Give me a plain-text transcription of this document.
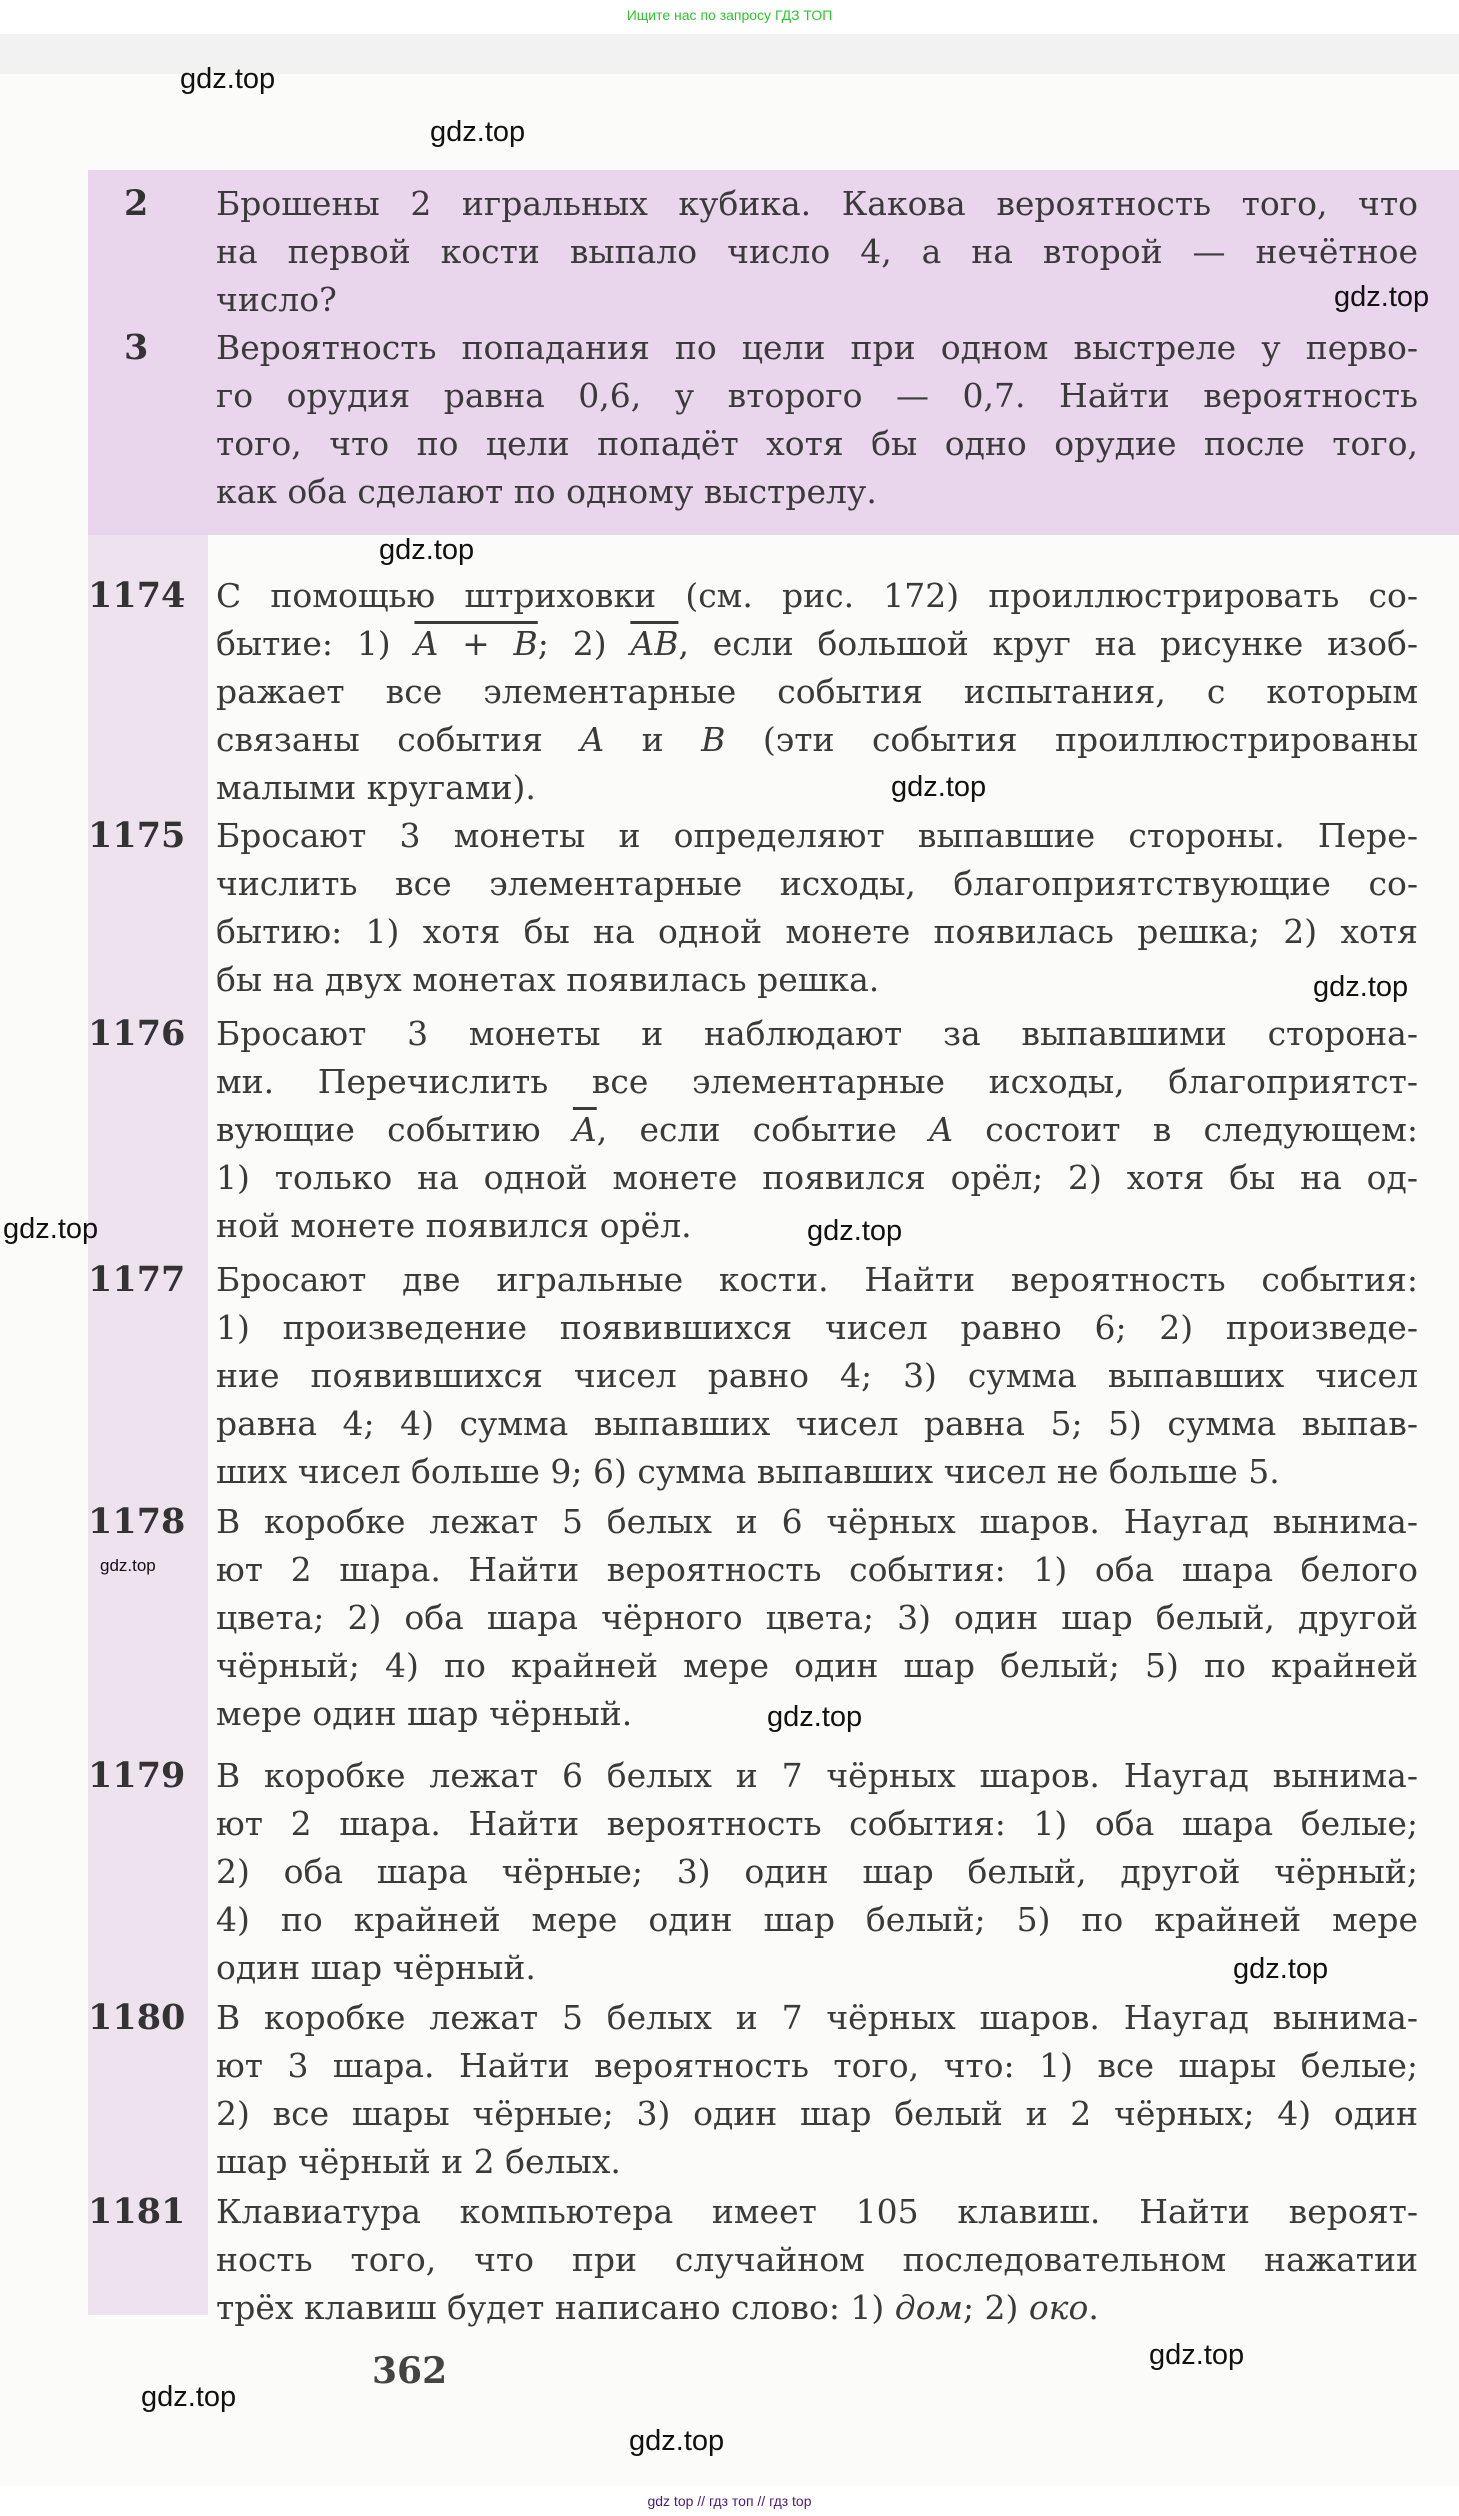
Ищите нас по запросу ГДЗ ТОП
2	Брошены 2 игральных кубика. Какова вероятность того, что
на первой кости выпало число 4, а на второй — нечётное
число?
3	Вероятность попадания по цели при одном выстреле у перво-
го орудия равна 0,6, у второго — 0,7. Найти вероятность
того, что по цели попадёт хотя бы одно орудие после того,
как оба сделают по одному выстрелу.
1174 С помощью штриховки (см. рис. 172) проиллюстрировать со-
бытие: 1) A + B; 2) $\overline{AB}$, если большой круг на рисунке изоб-
ражает все элементарные события испытания, с которым
связаны события A и B (эти события проиллюстрированы
малыми кругами).
1175 Бросают 3 монеты и определяют выпавшие стороны. Пере-
числить все элементарные исходы, благоприятствующие со-
бытию: 1) хотя бы на одной монете появилась решка; 2) хотя
бы на двух монетах появилась решка.
1176 Бросают 3 монеты и наблюдают за выпавшими сторона-
ми. Перечислить все элементарные исходы, благоприятст-
вующие событию $\overline{A}$, если событие A состоит в следующем:
1) только на одной монете появился орёл; 2) хотя бы на од-
ной монете появился орёл.
1177 Бросают две игральные кости. Найти вероятность события:
1) произведение появившихся чисел равно 6; 2) произведе-
ние появившихся чисел равно 4; 3) сумма выпавших чисел
равна 4; 4) сумма выпавших чисел равна 5; 5) сумма выпав-
ших чисел больше 9; 6) сумма выпавших чисел не больше 5.
1178 В коробке лежат 5 белых и 6 чёрных шаров. Наугад вынима-
ют 2 шара. Найти вероятность события: 1) оба шара белого
цвета; 2) оба шара чёрного цвета; 3) один шар белый, другой
чёрный; 4) по крайней мере один шар белый; 5) по крайней
мере один шар чёрный.
1179 В коробке лежат 6 белых и 7 чёрных шаров. Наугад вынима-
ют 2 шара. Найти вероятность события: 1) оба шара белые;
2) оба шара чёрные; 3) один шар белый, другой чёрный;
4) по крайней мере один шар белый; 5) по крайней мере
один шар чёрный.
1180 В коробке лежат 5 белых и 7 чёрных шаров. Наугад вынима-
ют 3 шара. Найти вероятность того, что: 1) все шары белые;
2) все шары чёрные; 3) один шар белый и 2 чёрных; 4) один
шар чёрный и 2 белых.
1181 Клавиатура компьютера имеет 105 клавиш. Найти вероят-
ность того, что при случайном последовательном нажатии
трёх клавиш будет написано слово: 1) дом; 2) око.
362
gdz.top
gdz.top
gdz.top
gdz.top
gdz.top
gdz.top
gdz.top	gdz.top
gdz.top
gdz.top
gdz.top
gdz.top
gdz.top
gdz.top
gdz top // гдз топ // гдз top
